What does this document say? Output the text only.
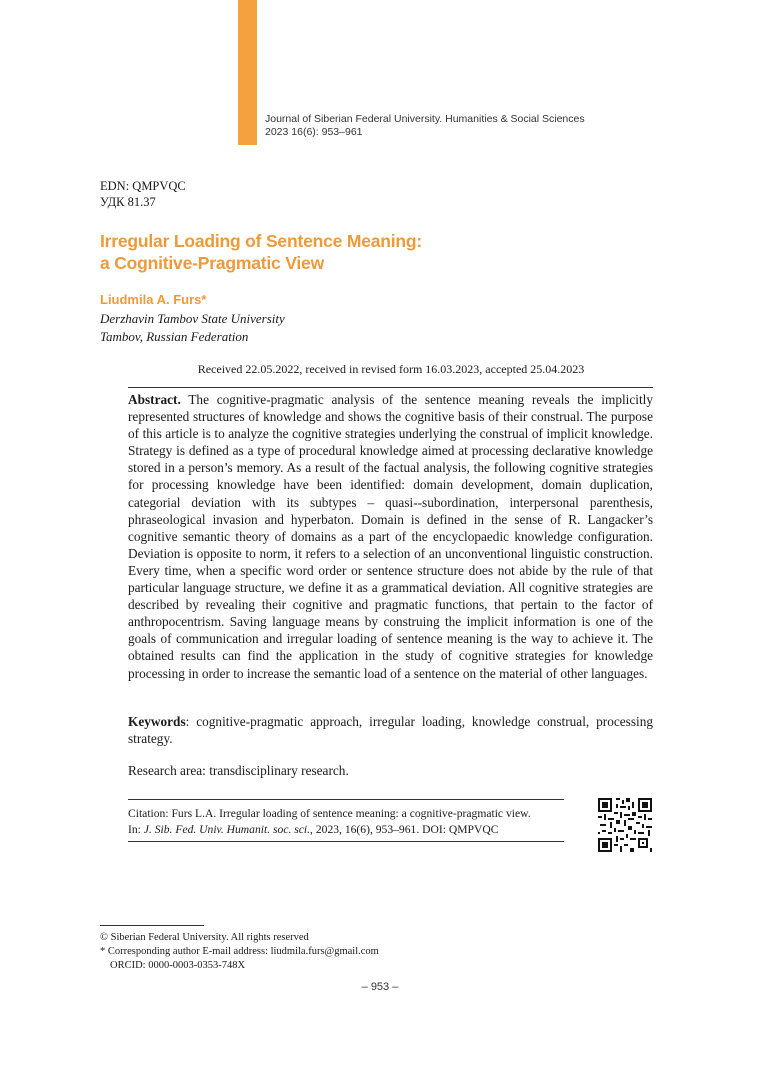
Journal of Siberian Federal University. Humanities & Social Sciences
2023 16(6): 953–961
EDN: QMPVQC
УДК 81.37
Irregular Loading of Sentence Meaning:
a Cognitive-Pragmatic View
Liudmila A. Furs*
Derzhavin Tambov State University
Tambov, Russian Federation
Received 22.05.2022, received in revised form 16.03.2023, accepted 25.04.2023
Abstract. The cognitive-pragmatic analysis of the sentence meaning reveals the implicitly represented structures of knowledge and shows the cognitive basis of their construal. The purpose of this article is to analyze the cognitive strategies underlying the construal of implicit knowledge. Strategy is defined as a type of procedural knowledge aimed at processing declarative knowledge stored in a person’s memory. As a result of the factual analysis, the following cognitive strategies for processing knowledge have been identified: domain development, domain duplication, categorial deviation with its subtypes – quasi--subordination, interpersonal parenthesis, phraseological invasion and hyperbaton. Domain is defined in the sense of R. Langacker’s cognitive semantic theory of domains as a part of the encyclopaedic knowledge configuration. Deviation is opposite to norm, it refers to a selection of an unconventional linguistic construction. Every time, when a specific word order or sentence structure does not abide by the rule of that particular language structure, we define it as a grammatical deviation. All cognitive strategies are described by revealing their cognitive and pragmatic functions, that pertain to the factor of anthropocentrism. Saving language means by construing the implicit information is one of the goals of communication and irregular loading of sentence meaning is the way to achieve it. The obtained results can find the application in the study of cognitive strategies for knowledge processing in order to increase the semantic load of a sentence on the material of other languages.
Keywords: cognitive-pragmatic approach, irregular loading, knowledge construal, processing strategy.
Research area: transdisciplinary research.
Citation: Furs L.A. Irregular loading of sentence meaning: a cognitive-pragmatic view.
In: J. Sib. Fed. Univ. Humanit. soc. sci., 2023, 16(6), 953–961. DOI: QMPVQC
© Siberian Federal University. All rights reserved
* Corresponding author E-mail address: liudmila.furs@gmail.com
ORCID: 0000-0003-0353-748X
– 953 –
